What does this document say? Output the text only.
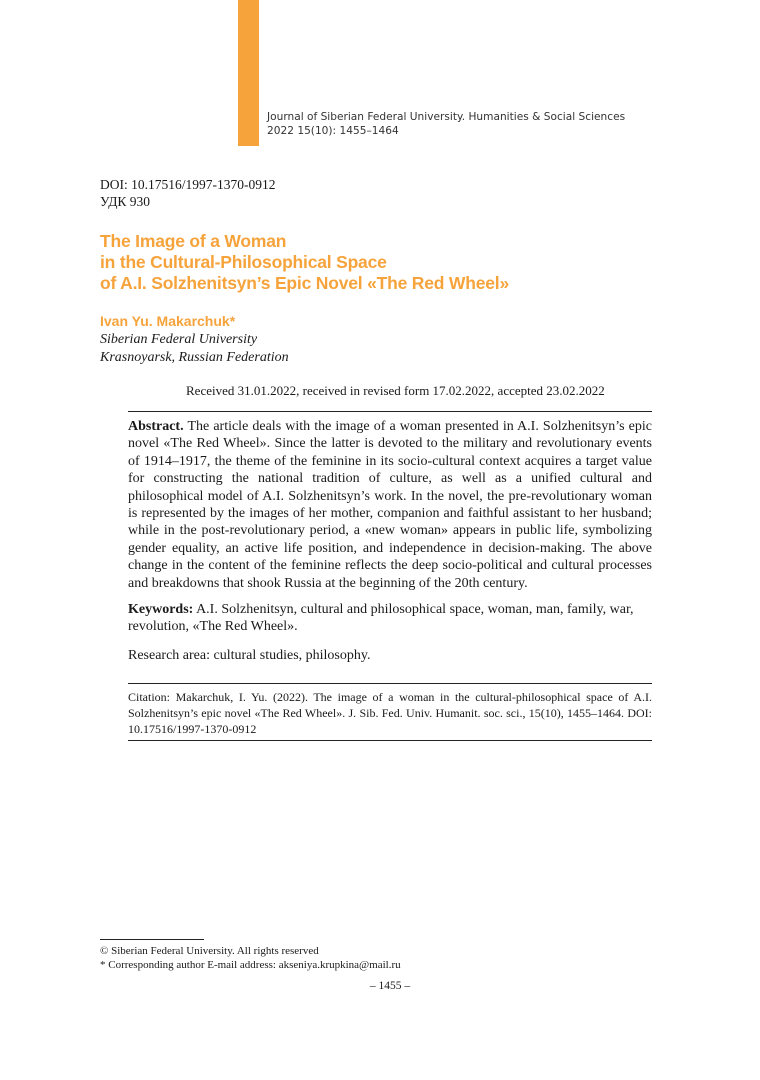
Journal of Siberian Federal University. Humanities & Social Sciences
2022 15(10): 1455–1464
DOI: 10.17516/1997-1370-0912
УДК 930
The Image of a Woman
in the Cultural-Philosophical Space
of A.I. Solzhenitsyn’s Epic Novel «The Red Wheel»
Ivan Yu. Makarchuk*
Siberian Federal University
Krasnoyarsk, Russian Federation
Received 31.01.2022, received in revised form 17.02.2022, accepted 23.02.2022
Abstract. The article deals with the image of a woman presented in A.I. Solzhenitsyn’s epic novel «The Red Wheel». Since the latter is devoted to the military and revolutionary events of 1914–1917, the theme of the feminine in its socio-cultural context acquires a target value for constructing the national tradition of culture, as well as a unified cultural and philosophical model of A.I. Solzhenitsyn’s work. In the novel, the pre-revolutionary woman is represented by the images of her mother, companion and faithful assistant to her husband; while in the post-revolutionary period, a «new woman» appears in public life, symbolizing gender equality, an active life position, and independence in decision-making. The above change in the content of the feminine reflects the deep socio-political and cultural processes and breakdowns that shook Russia at the beginning of the 20th century.
Keywords: A.I. Solzhenitsyn, cultural and philosophical space, woman, man, family, war, revolution, «The Red Wheel».
Research area: cultural studies, philosophy.
Citation: Makarchuk, I. Yu. (2022). The image of a woman in the cultural-philosophical space of A.I. Solzhenitsyn’s epic novel «The Red Wheel». J. Sib. Fed. Univ. Humanit. soc. sci., 15(10), 1455–1464. DOI: 10.17516/1997-1370-0912
© Siberian Federal University. All rights reserved
* Corresponding author E-mail address: akseniya.krupkina@mail.ru
– 1455 –
